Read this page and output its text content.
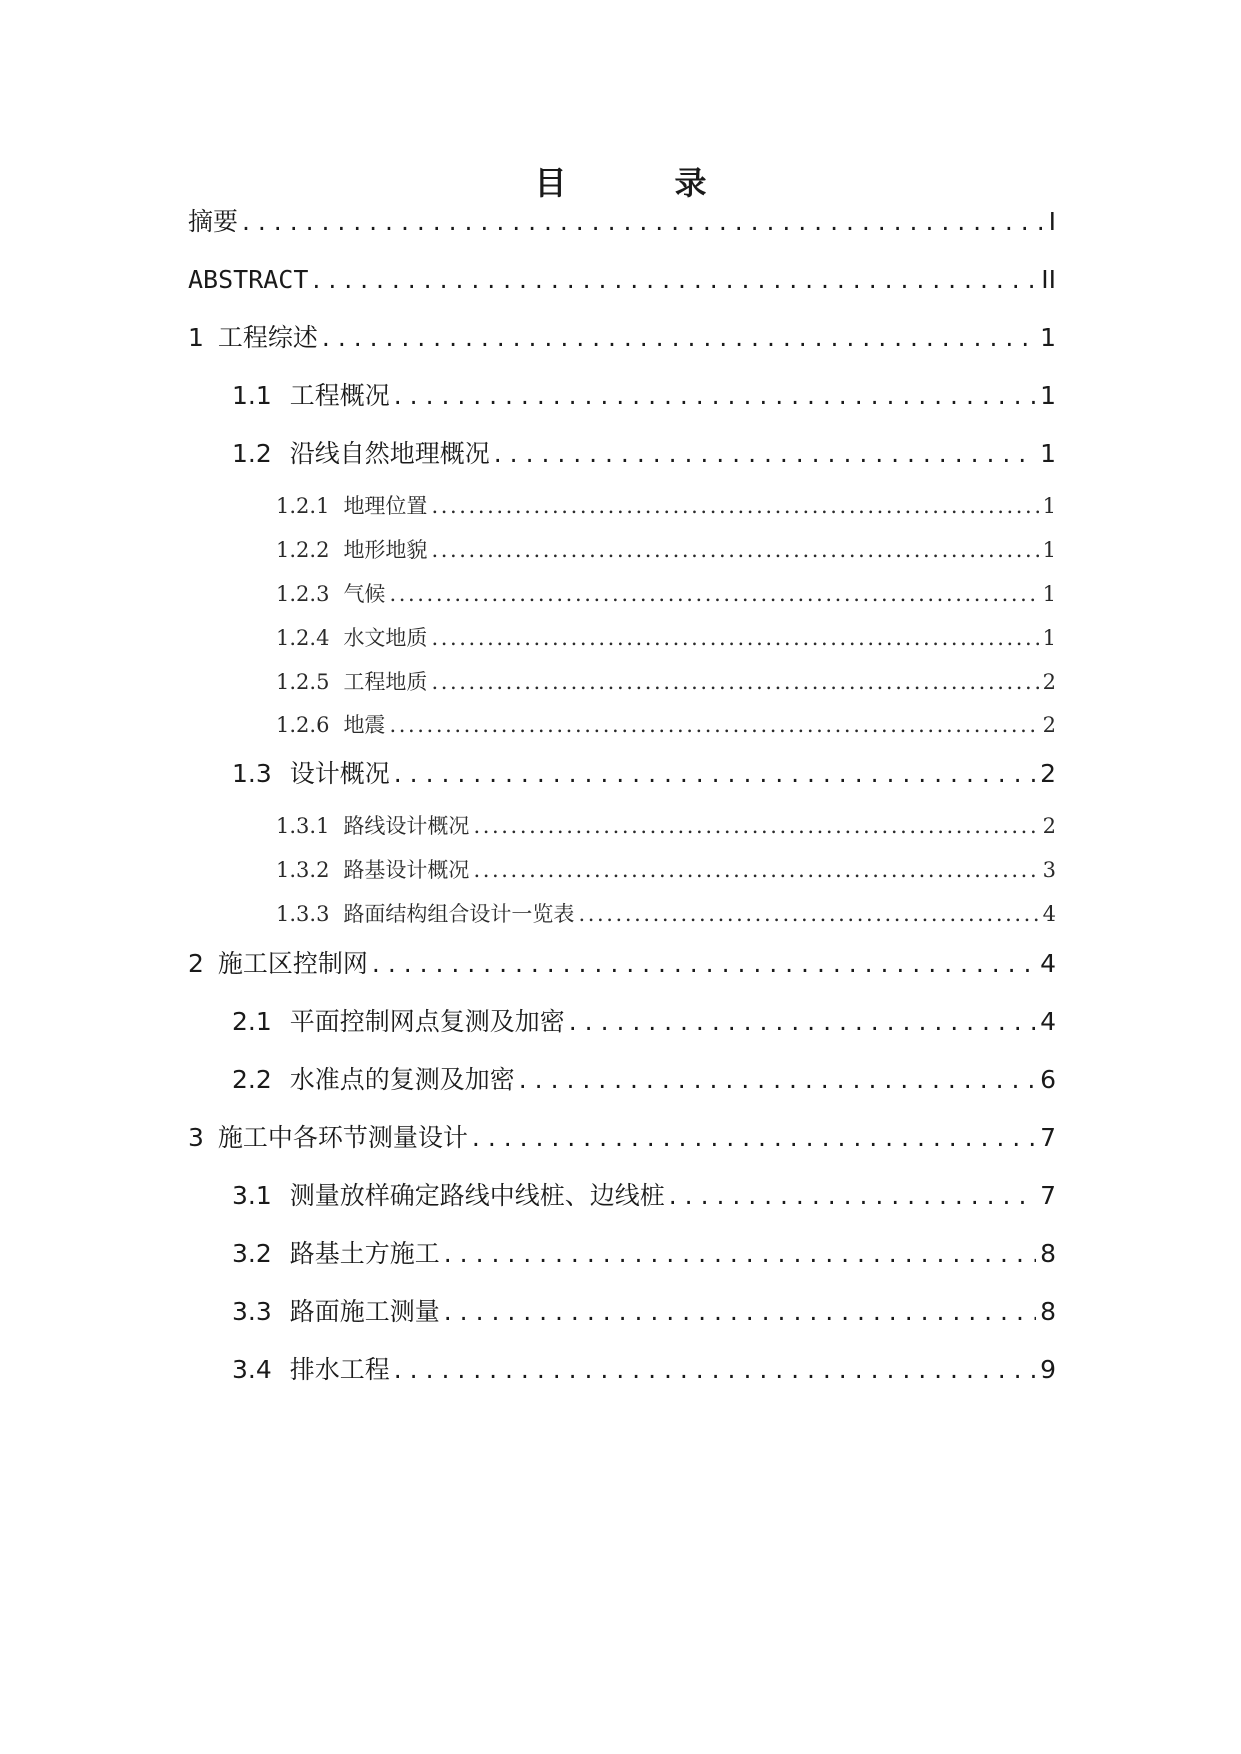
目　录
摘要 . . .	I
ABSTRACT . . .	II
1 工程综述 . . .	1
1.1 工程概况 . . .	1
1.2 沿线自然地理概况 . . .	1
1.2.1 地理位置 .....	1
1.2.2 地形地貌 .....	1
1.2.3 气候 .....	1
1.2.4 水文地质 .....	1
1.2.5 工程地质 .....	2
1.2.6 地震 .....	2
1.3 设计概况 . . .	2
1.3.1 路线设计概况 .....	2
1.3.2 路基设计概况 .....	3
1.3.3 路面结构组合设计一览表 .....	4
2 施工区控制网 . . .	4
2.1 平面控制网点复测及加密 . . .	4
2.2 水准点的复测及加密 . . .	6
3 施工中各环节测量设计 . . .	7
3.1 测量放样确定路线中线桩、边线桩 . . .	7
3.2 路基土方施工 . . .	8
3.3 路面施工测量 . . .	8
3.4 排水工程 . . .	9
